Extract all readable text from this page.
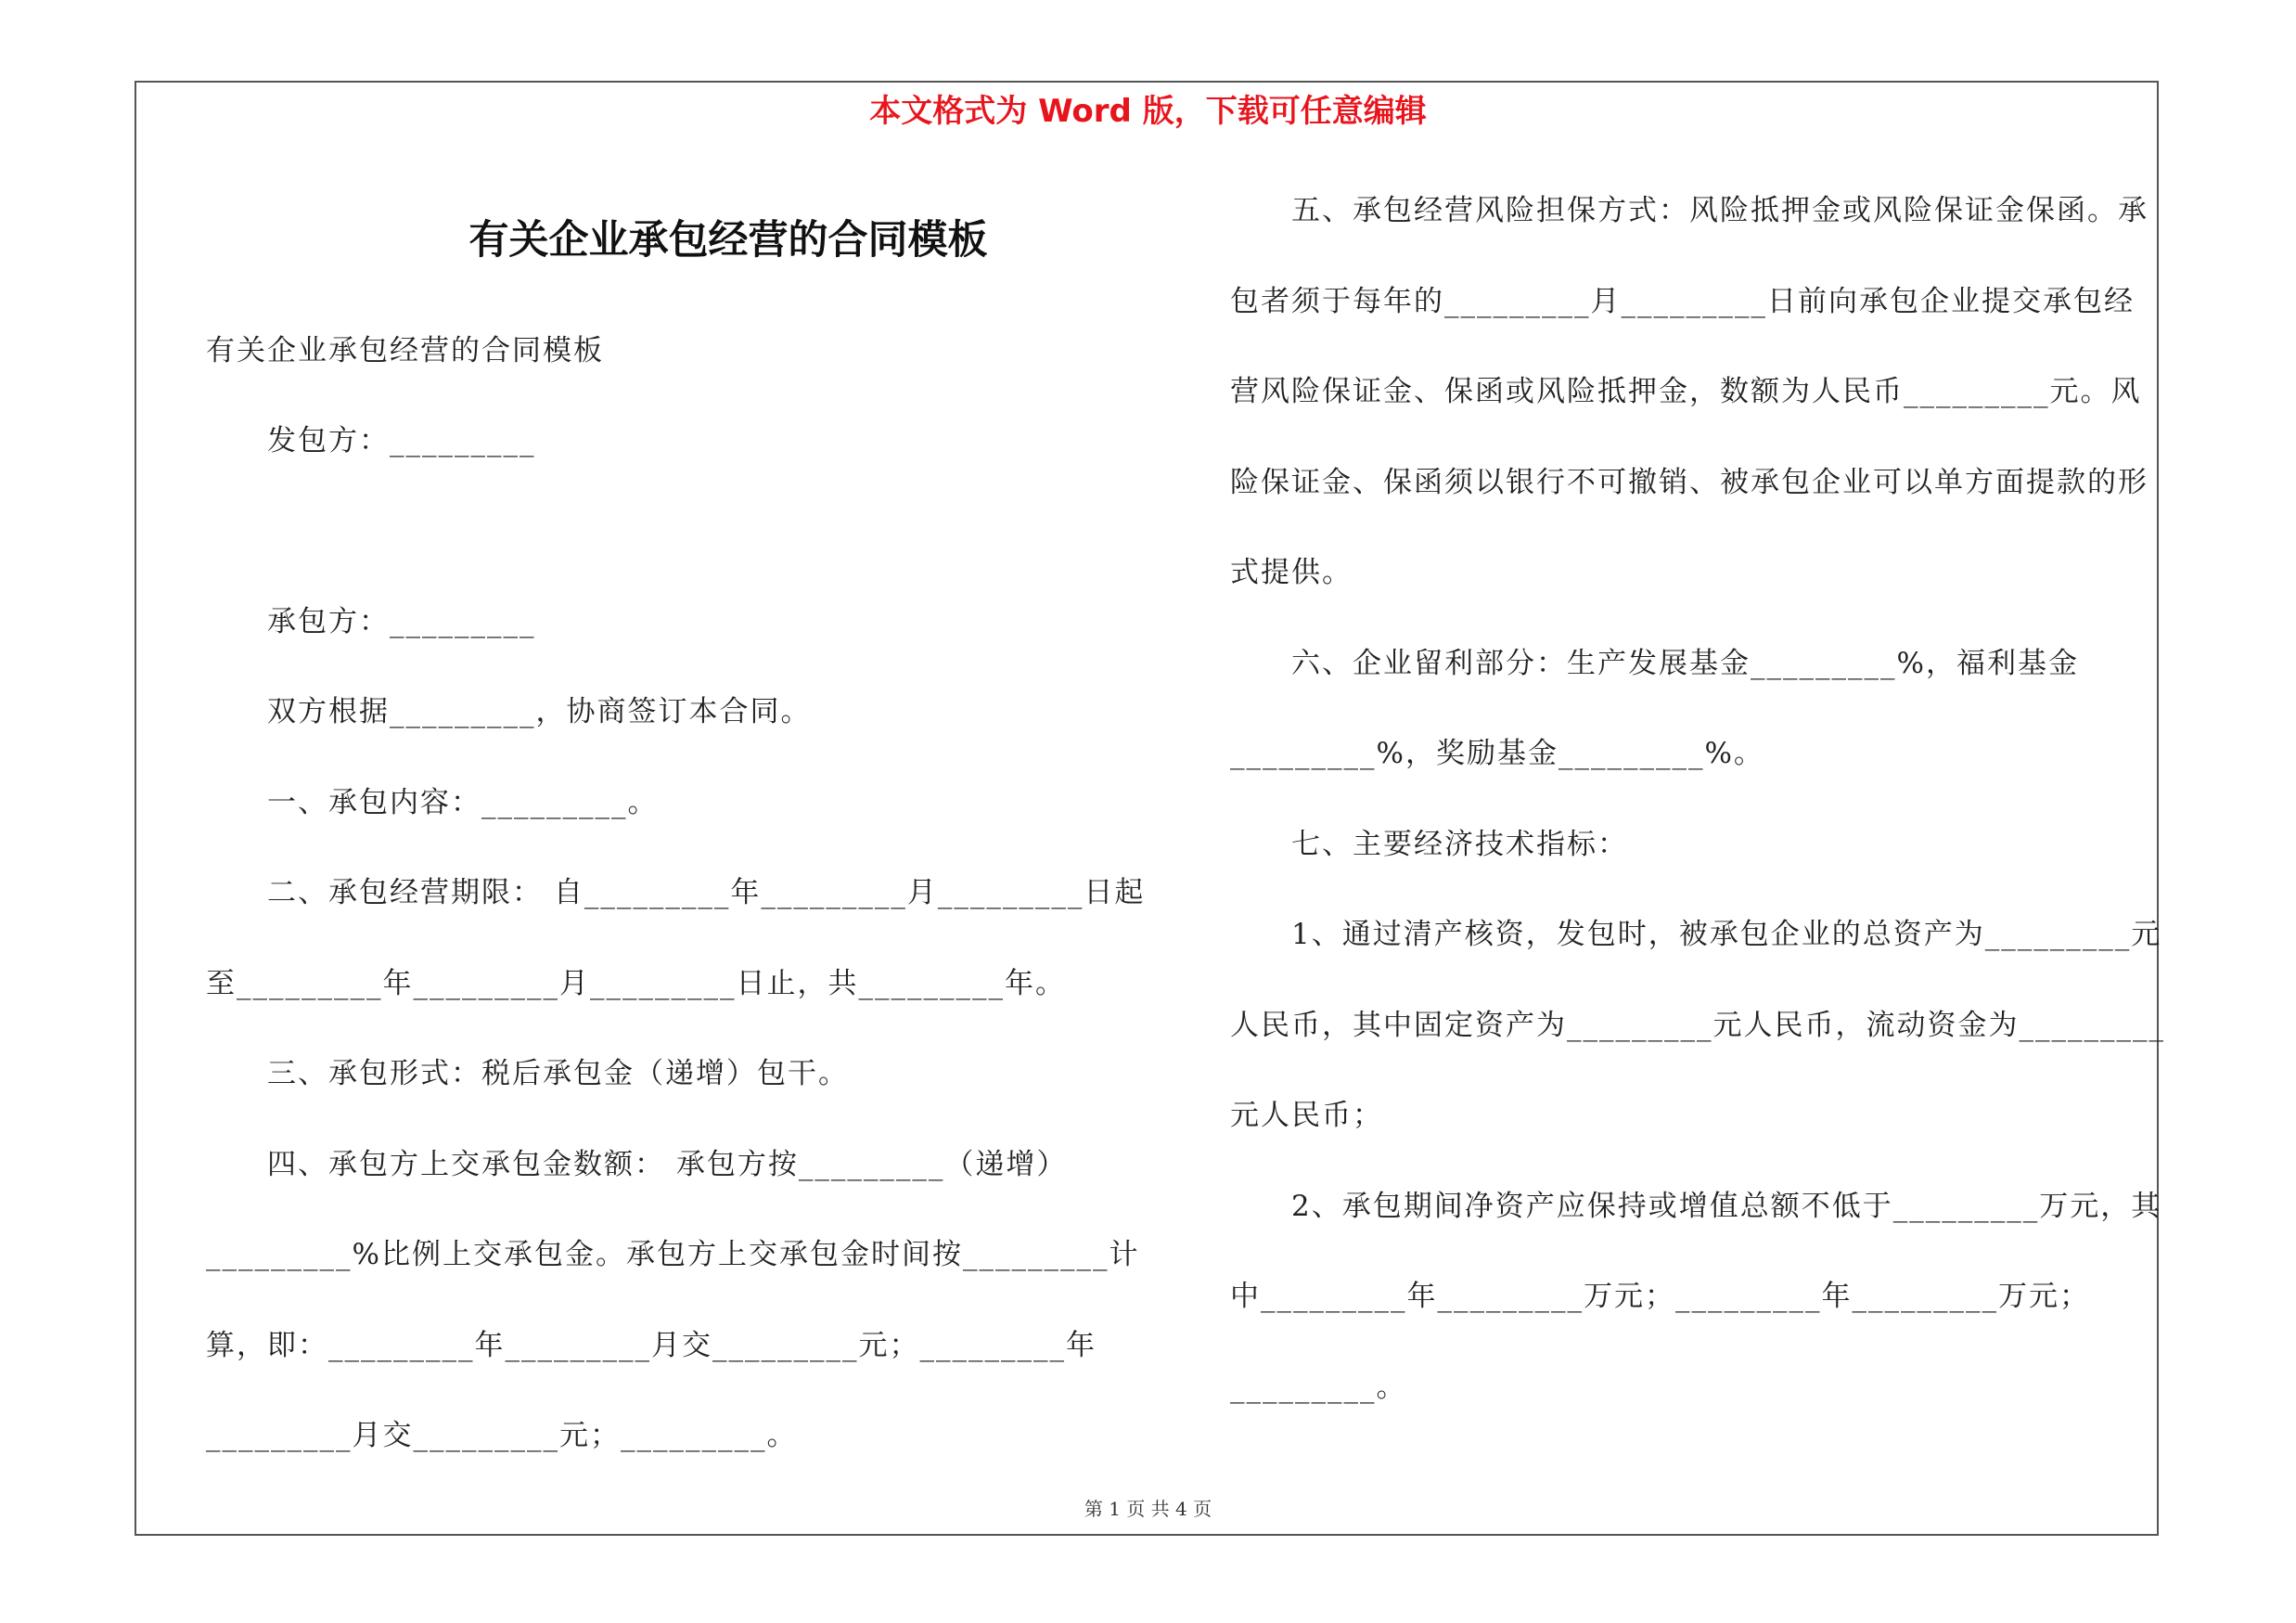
本文格式为 Word 版，下载可任意编辑
有关企业承包经营的合同模板
有关企业承包经营的合同模板
发包方：_________
承包方：_________
双方根据_________，协商签订本合同。
一、承包内容：_________。
二、承包经营期限： 自_________年_________月_________日起
至_________年_________月_________日止，共_________年。
三、承包形式：税后承包金（递增）包干。
四、承包方上交承包金数额： 承包方按_________（递增）
_________%比例上交承包金。承包方上交承包金时间按_________计
算，即：_________年_________月交_________元；_________年
_________月交_________元；_________。
五、承包经营风险担保方式：风险抵押金或风险保证金保函。承
包者须于每年的_________月_________日前向承包企业提交承包经
营风险保证金、保函或风险抵押金，数额为人民币_________元。风
险保证金、保函须以银行不可撤销、被承包企业可以单方面提款的形
式提供。
六、企业留利部分：生产发展基金_________%，福利基金
_________%，奖励基金_________%。
七、主要经济技术指标：
1、通过清产核资，发包时，被承包企业的总资产为_________元
人民币，其中固定资产为_________元人民币，流动资金为_________
元人民币；
2、承包期间净资产应保持或增值总额不低于_________万元，其
中_________年_________万元；_________年_________万元；
_________。
第 1 页 共 4 页
